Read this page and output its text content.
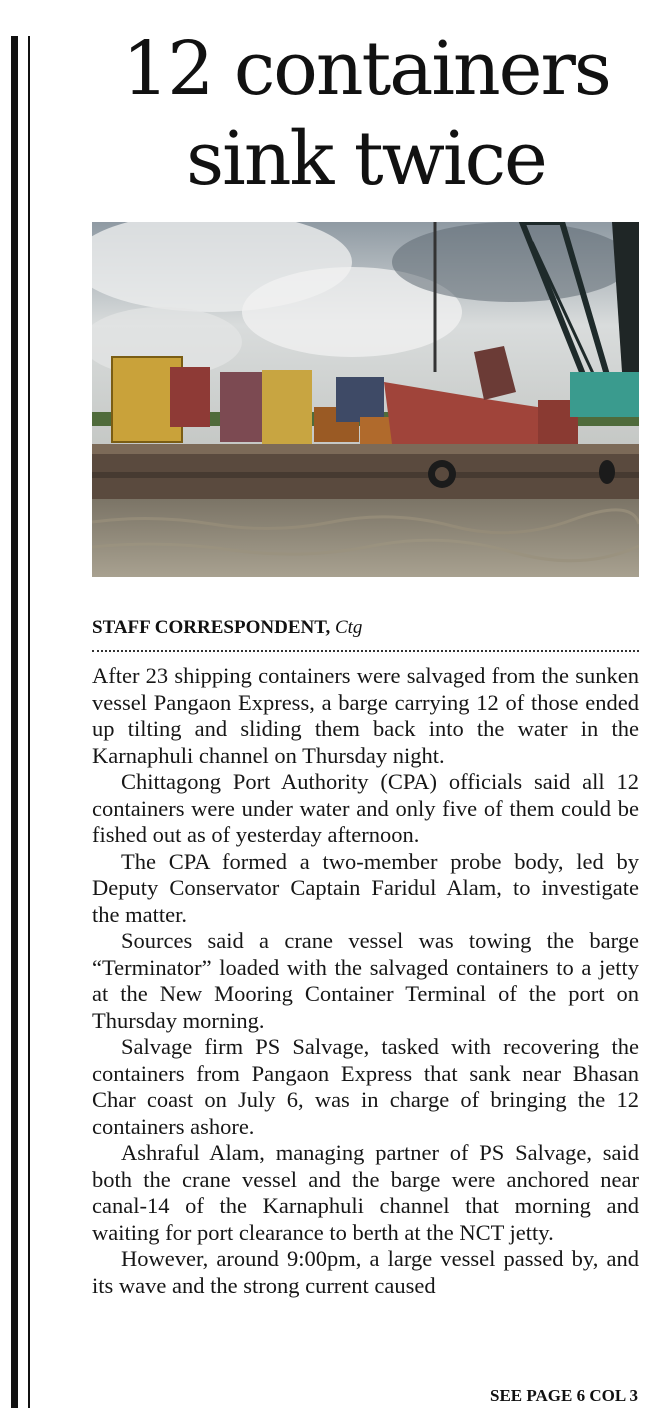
12 containers
sink twice
STAFF CORRESPONDENT, Ctg

After 23 shipping containers were salvaged from the sunken vessel Pangaon Express, a barge carrying 12 of those ended up tilting and sliding them back into the water in the Karnaphuli channel on Thursday night.

Chittagong Port Authority (CPA) officials said all 12 containers were under water and only five of them could be fished out as of yesterday afternoon.

The CPA formed a two-member probe body, led by Deputy Conservator Captain Faridul Alam, to investigate the matter.

Sources said a crane vessel was towing the barge “Terminator” loaded with the salvaged containers to a jetty at the New Mooring Container Terminal of the port on Thursday morning.

Salvage firm PS Salvage, tasked with recovering the containers from Pangaon Express that sank near Bhasan Char coast on July 6, was in charge of bringing the 12 containers ashore.

Ashraful Alam, managing partner of PS Salvage, said both the crane vessel and the barge were anchored near canal-14 of the Karnaphuli channel that morning and waiting for port clearance to berth at the NCT jetty.

However, around 9:00pm, a large vessel passed by, and its wave and the strong current caused

SEE PAGE 6 COL 3
